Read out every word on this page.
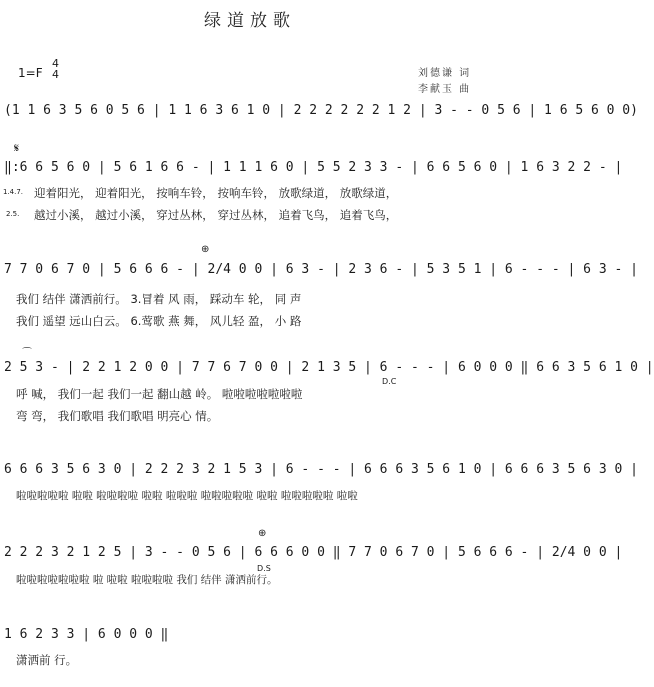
绿道放歌
1=F
4
4	刘德谦 词
李献玉 曲
(1 1 6 3 5 6 0 5 6 | 1 1 6 3 6 1 0 | 2 2 2 2 2 2 1 2 | 3 - - 0 5 6 | 1 6 5 6 0 0)
𝄋
‖:6 6 5 6 0 | 5 6 1 6 6 - | 1 1 1 6 0 | 5 5 2 3 3 - | 6 6 5 6 0 | 1 6 3 2 2 - |
1.4.7.
2.5.
迎着阳光， 迎着阳光， 按响车铃， 按响车铃， 放歌绿道， 放歌绿道，
越过小溪， 越过小溪， 穿过丛林， 穿过丛林， 追着飞鸟， 追着飞鸟，
⊕
7 7 0 6 7 0 | 5 6 6 6 - | 2/4 0 0 | 6 3 - | 2 3 6 - | 5 3 5 1 | 6 - - - | 6 3 - |
我们 结伴 潇洒前行。 3.冒着 风 雨， 踩动车 轮， 同 声
我们 遥望 远山白云。 6.莺歌 燕 舞， 风儿轻 盈， 小 路
⌒
2 5 3 - | 2 2 1 2 0 0 | 7 7 6 7 0 0 | 2 1 3 5 | 6 - - - | 6 0 0 0 ‖ 6 6 3 5 6 1 0 |
D.C
呼 喊， 我们一起 我们一起 翻山越 岭。 啦啦啦啦啦啦啦
弯 弯， 我们歌唱 我们歌唱 明亮心 情。
6 6 6 3 5 6 3 0 | 2 2 2 3 2 1 5 3 | 6 - - - | 6 6 6 3 5 6 1 0 | 6 6 6 3 5 6 3 0 |
啦啦啦啦啦 啦啦 啦啦啦啦 啦啦 啦啦啦 啦啦啦啦啦 啦啦 啦啦啦啦啦 啦啦
⊕
2 2 2 3 2 1 2 5 | 3 - - 0 5 6 | 6 6 6 0 0 ‖ 7 7 0 6 7 0 | 5 6 6 6 - | 2/4 0 0 |
D.S
啦啦啦啦啦啦啦 啦 啦啦 啦啦啦啦 我们 结伴 潇洒前行。
1 6 2 3 3 | 6 0 0 0 ‖
潇洒前 行。
